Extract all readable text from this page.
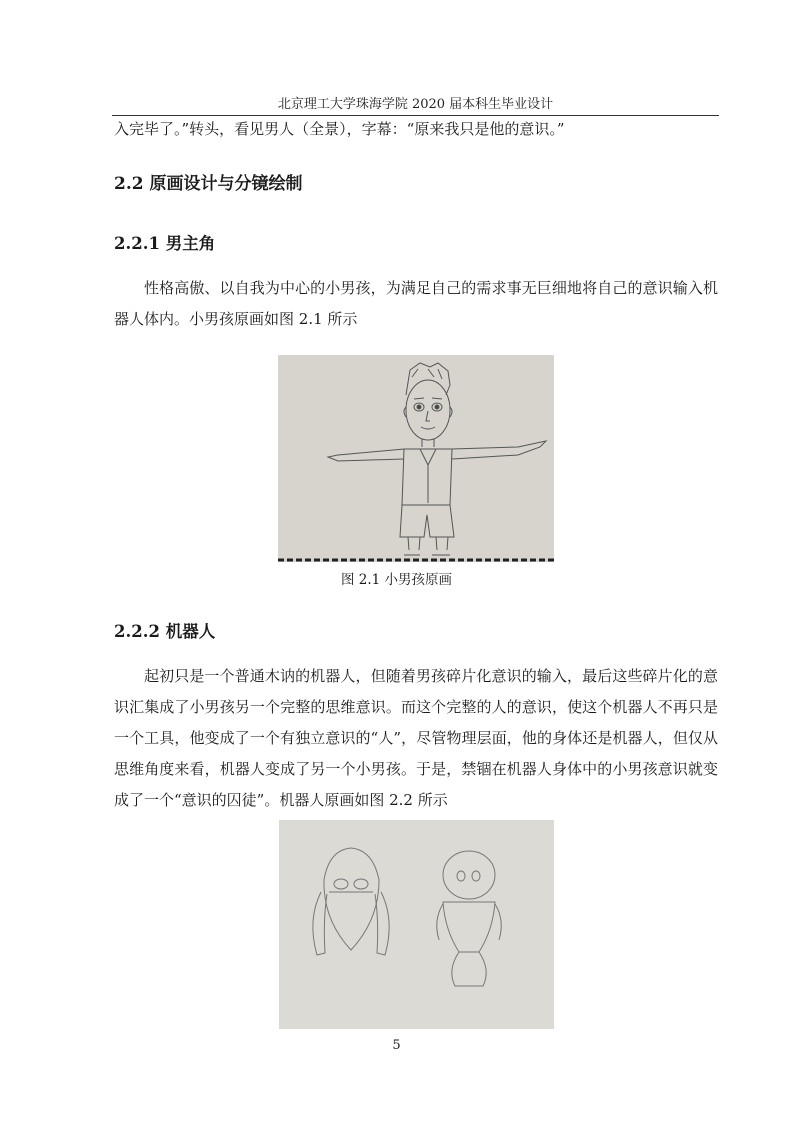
北京理工大学珠海学院 2020 届本科生毕业设计
入完毕了。”转头，看见男人（全景），字幕：“原来我只是他的意识。”
2.2 原画设计与分镜绘制
2.2.1 男主角
性格高傲、以自我为中心的小男孩，为满足自己的需求事无巨细地将自己的意识输入机器人体内。小男孩原画如图 2.1 所示
图 2.1 小男孩原画
2.2.2 机器人
起初只是一个普通木讷的机器人，但随着男孩碎片化意识的输入，最后这些碎片化的意识汇集成了小男孩另一个完整的思维意识。而这个完整的人的意识，使这个机器人不再只是一个工具，他变成了一个有独立意识的“人”，尽管物理层面，他的身体还是机器人，但仅从思维角度来看，机器人变成了另一个小男孩。于是，禁锢在机器人身体中的小男孩意识就变成了一个“意识的囚徒”。机器人原画如图 2.2 所示
5
